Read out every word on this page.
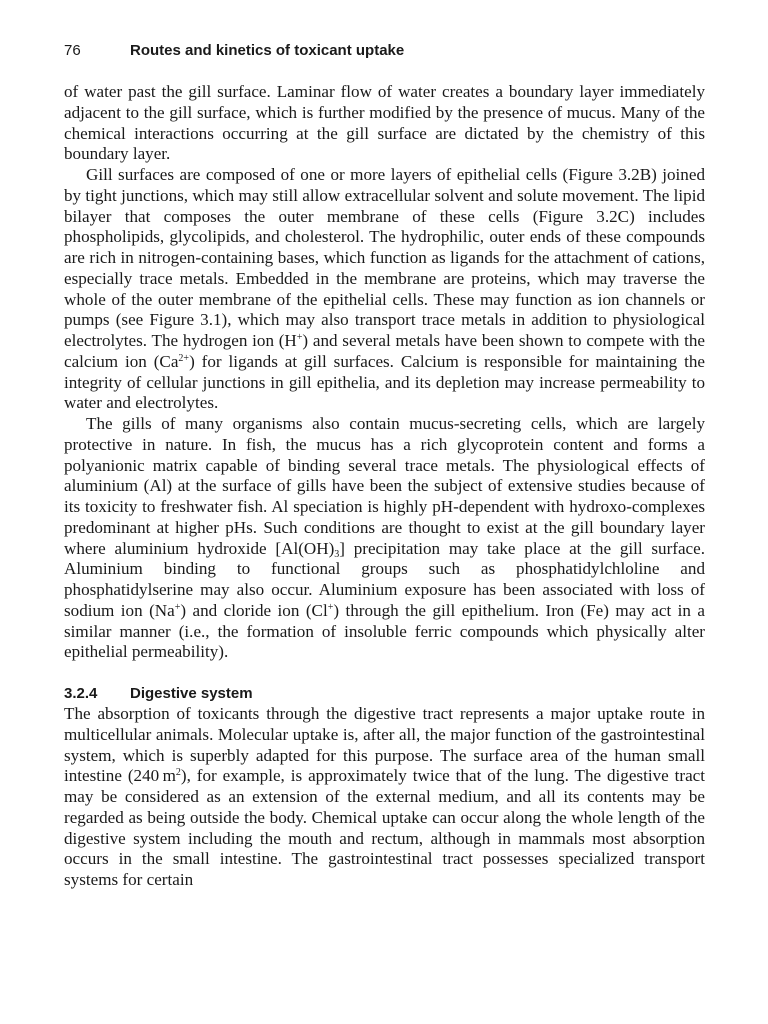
76	Routes and kinetics of toxicant uptake

of water past the gill surface. Laminar flow of water creates a boundary layer immediately adjacent to the gill surface, which is further modified by the presence of mucus. Many of the chemical interactions occurring at the gill surface are dictated by the chemistry of this boundary layer.

Gill surfaces are composed of one or more layers of epithelial cells (Figure 3.2B) joined by tight junctions, which may still allow extracellular solvent and solute movement. The lipid bilayer that composes the outer membrane of these cells (Figure 3.2C) includes phospholipids, glycolipids, and cholesterol. The hydrophilic, outer ends of these compounds are rich in nitrogen-containing bases, which function as ligands for the attachment of cations, especially trace metals. Embedded in the membrane are proteins, which may traverse the whole of the outer membrane of the epithelial cells. These may function as ion channels or pumps (see Figure 3.1), which may also transport trace metals in addition to physiological electrolytes. The hydrogen ion (H+) and several metals have been shown to compete with the calcium ion $(Ca^{2+})$ for ligands at gill surfaces. Calcium is responsible for maintaining the integrity of cellular junctions in gill epithelia, and its depletion may increase permeability to water and electrolytes.

The gills of many organisms also contain mucus-secreting cells, which are largely protective in nature. In fish, the mucus has a rich glycoprotein content and forms a polyanionic matrix capable of binding several trace metals. The physiological effects of aluminium (Al) at the surface of gills have been the subject of extensive studies because of its toxicity to freshwater fish. Al speciation is highly pH-dependent with hydroxo-complexes predominant at higher pHs. Such conditions are thought to exist at the gill boundary layer where aluminium hydroxide $[Al(OH)_3]$ precipitation may take place at the gill surface. Aluminium binding to functional groups such as phosphatidylchloline and phosphatidylserine may also occur. Aluminium exposure has been associated with loss of sodium ion (Na+) and cloride ion (Cl+) through the gill epithelium. Iron (Fe) may act in a similar manner (i.e., the formation of insoluble ferric compounds which physically alter epithelial permeability).

3.2.4 Digestive system

The absorption of toxicants through the digestive tract represents a major uptake route in multicellular animals. Molecular uptake is, after all, the major function of the gastrointestinal system, which is superbly adapted for this purpose. The surface area of the human small intestine (240 $m^2$), for example, is approximately twice that of the lung. The digestive tract may be considered as an extension of the external medium, and all its contents may be regarded as being outside the body. Chemical uptake can occur along the whole length of the digestive system including the mouth and rectum, although in mammals most absorption occurs in the small intestine. The gastrointestinal tract possesses specialized transport systems for certain
